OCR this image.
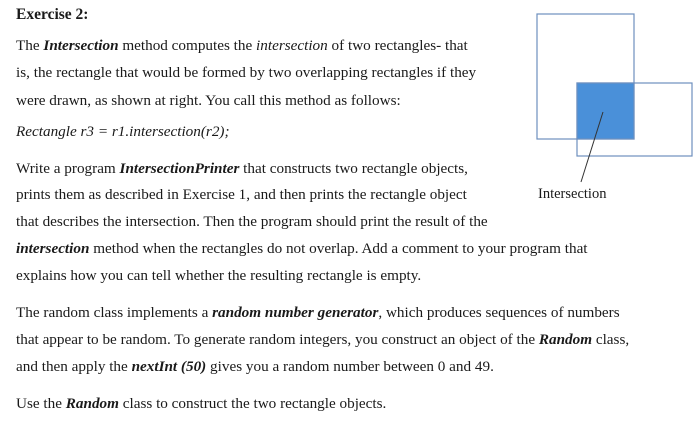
Intersection
Exercise 2:
The Intersection method computes the intersection of two rectangles- that
is, the rectangle that would be formed by two overlapping rectangles if they
were drawn, as shown at right. You call this method as follows:
Rectangle r3 = r1.intersection(r2);
Write a program IntersectionPrinter that constructs two rectangle objects,
prints them as described in Exercise 1, and then prints the rectangle object
that describes the intersection. Then the program should print the result of the
intersection method when the rectangles do not overlap. Add a comment to your program that
explains how you can tell whether the resulting rectangle is empty.
The random class implements a random number generator, which produces sequences of numbers
that appear to be random. To generate random integers, you construct an object of the Random class,
and then apply the nextInt (50) gives you a random number between 0 and 49.
Use the Random class to construct the two rectangle objects.
